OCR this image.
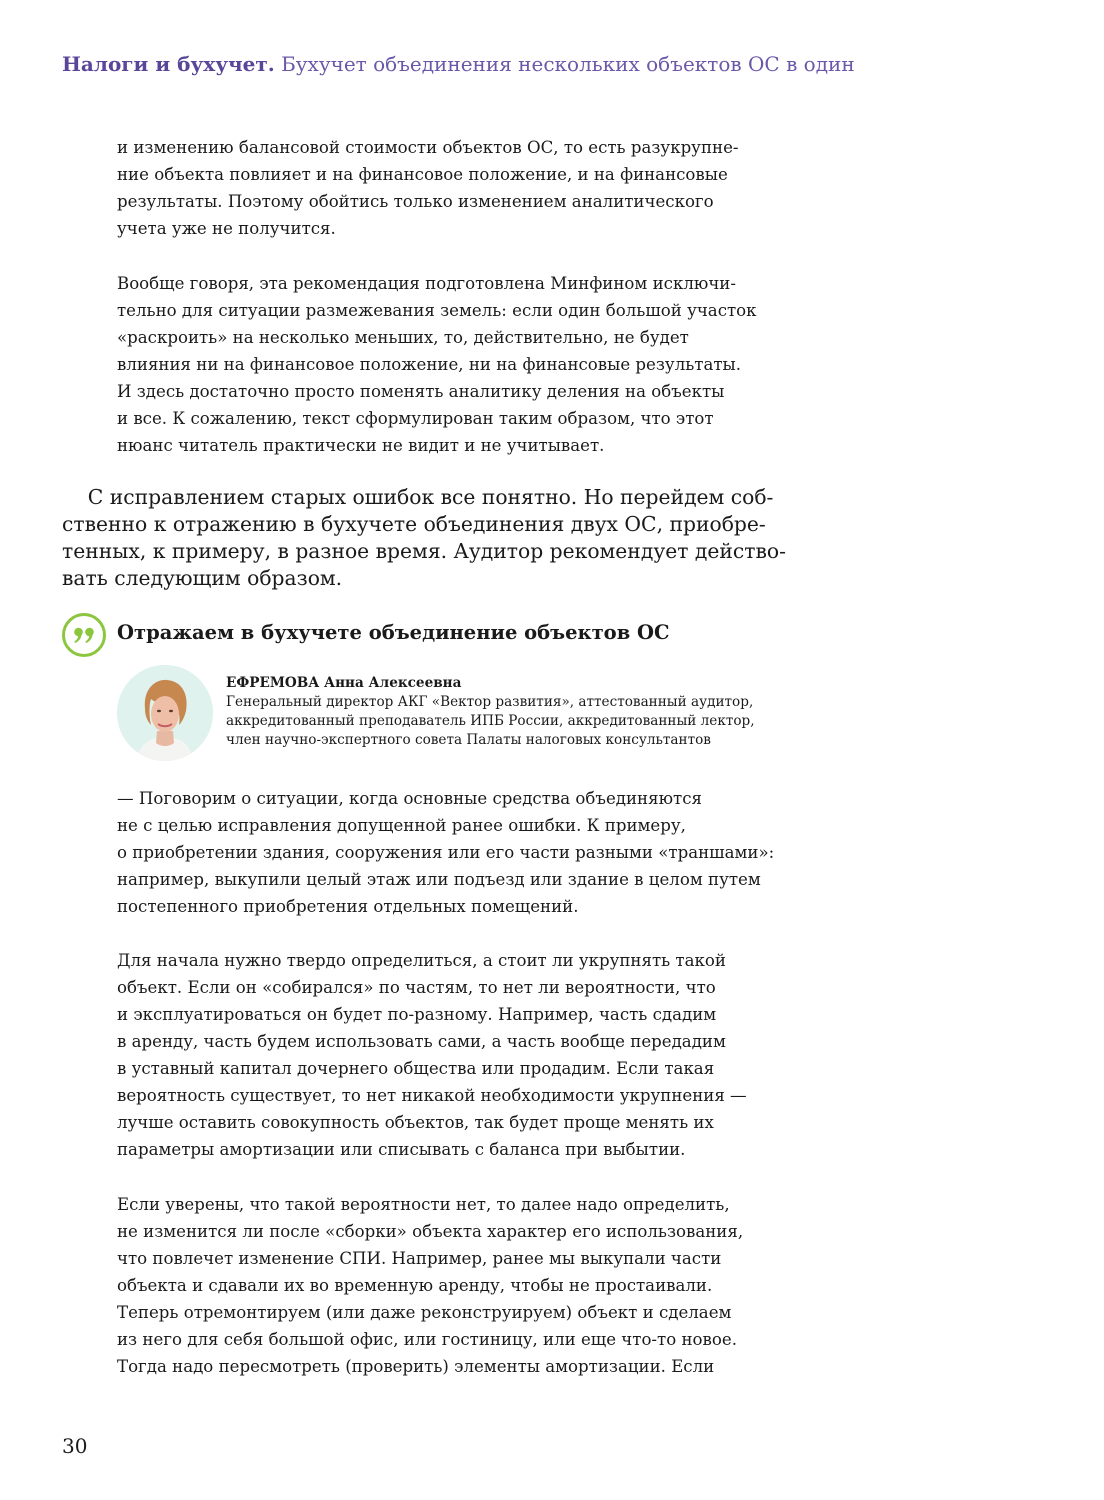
Налоги и бухучет. Бухучет объединения нескольких объектов ОС в один
и изменению балансовой стоимости объектов ОС, то есть разукрупне-
ние объекта повлияет и на финансовое положение, и на финансовые
результаты. Поэтому обойтись только изменением аналитического
учета уже не получится.
Вообще говоря, эта рекомендация подготовлена Минфином исключи-
тельно для ситуации размежевания земель: если один большой участок
«раскроить» на несколько меньших, то, действительно, не будет
влияния ни на финансовое положение, ни на финансовые результаты.
И здесь достаточно просто поменять аналитику деления на объекты
и все. К сожалению, текст сформулирован таким образом, что этот
нюанс читатель практически не видит и не учитывает.
С исправлением старых ошибок все понятно. Но перейдем соб-
ственно к отражению в бухучете объединения двух ОС, приобре-
тенных, к примеру, в разное время. Аудитор рекомендует действо-
вать следующим образом.
Отражаем в бухучете объединение объектов ОС
ЕФРЕМОВА Анна Алексеевна
Генеральный директор АКГ «Вектор развития», аттестованный аудитор,
аккредитованный преподаватель ИПБ России, аккредитованный лектор,
член научно-экспертного совета Палаты налоговых консультантов
— Поговорим о ситуации, когда основные средства объединяются
не с целью исправления допущенной ранее ошибки. К примеру,
о приобретении здания, сооружения или его части разными «траншами»:
например, выкупили целый этаж или подъезд или здание в целом путем
постепенного приобретения отдельных помещений.
Для начала нужно твердо определиться, а стоит ли укрупнять такой
объект. Если он «собирался» по частям, то нет ли вероятности, что
и эксплуатироваться он будет по-разному. Например, часть сдадим
в аренду, часть будем использовать сами, а часть вообще передадим
в уставный капитал дочернего общества или продадим. Если такая
вероятность существует, то нет никакой необходимости укрупнения —
лучше оставить совокупность объектов, так будет проще менять их
параметры амортизации или списывать с баланса при выбытии.
Если уверены, что такой вероятности нет, то далее надо определить,
не изменится ли после «сборки» объекта характер его использования,
что повлечет изменение СПИ. Например, ранее мы выкупали части
объекта и сдавали их во временную аренду, чтобы не простаивали.
Теперь отремонтируем (или даже реконструируем) объект и сделаем
из него для себя большой офис, или гостиницу, или еще что-то новое.
Тогда надо пересмотреть (проверить) элементы амортизации. Если
30
